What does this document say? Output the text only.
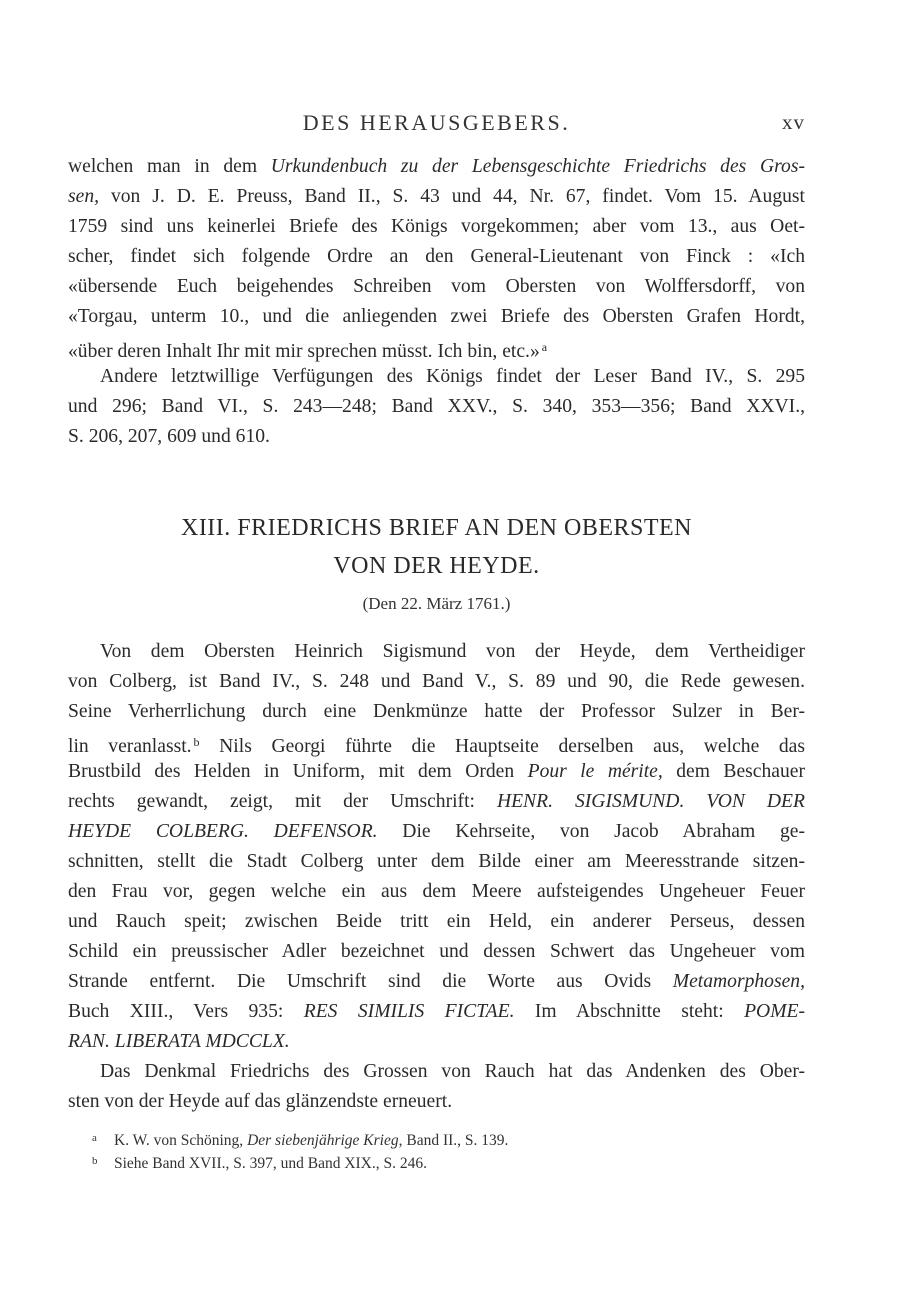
DES HERAUSGEBERS.	xv
welchen man in dem Urkundenbuch zu der Lebensgeschichte Friedrichs des Gros-
sen, von J. D. E. Preuss, Band II., S. 43 und 44, Nr. 67, findet. Vom 15. August
1759 sind uns keinerlei Briefe des Königs vorgekommen; aber vom 13., aus Oet-
scher, findet sich folgende Ordre an den General-Lieutenant von Finck : «Ich
«übersende Euch beigehendes Schreiben vom Obersten von Wolffersdorff, von
«Torgau, unterm 10., und die anliegenden zwei Briefe des Obersten Grafen Hordt,
«über deren Inhalt Ihr mit mir sprechen müsst. Ich bin, etc.» $^a$
Andere letztwillige Verfügungen des Königs findet der Leser Band IV., S. 295
und 296; Band VI., S. 243—248; Band XXV., S. 340, 353—356; Band XXVI.,
S. 206, 207, 609 und 610.
XIII. FRIEDRICHS BRIEF AN DEN OBERSTEN
VON DER HEYDE.
(Den 22. März 1761.)
Von dem Obersten Heinrich Sigismund von der Heyde, dem Vertheidiger
von Colberg, ist Band IV., S. 248 und Band V., S. 89 und 90, die Rede gewesen.
Seine Verherrlichung durch eine Denkmünze hatte der Professor Sulzer in Ber-
lin veranlasst. $^b$ Nils Georgi führte die Hauptseite derselben aus, welche das
Brustbild des Helden in Uniform, mit dem Orden Pour le mérite, dem Beschauer
rechts gewandt, zeigt, mit der Umschrift: HENR. SIGISMUND. VON DER
HEYDE COLBERG. DEFENSOR. Die Kehrseite, von Jacob Abraham ge-
schnitten, stellt die Stadt Colberg unter dem Bilde einer am Meeresstrande sitzen-
den Frau vor, gegen welche ein aus dem Meere aufsteigendes Ungeheuer Feuer
und Rauch speit; zwischen Beide tritt ein Held, ein anderer Perseus, dessen
Schild ein preussischer Adler bezeichnet und dessen Schwert das Ungeheuer vom
Strande entfernt. Die Umschrift sind die Worte aus Ovids Metamorphosen,
Buch XIII., Vers 935: RES SIMILIS FICTAE. Im Abschnitte steht: POME-
RAN. LIBERATA MDCCLX.
Das Denkmal Friedrichs des Grossen von Rauch hat das Andenken des Ober-
sten von der Heyde auf das glänzendste erneuert.
a K. W. von Schöning, Der siebenjährige Krieg, Band II., S. 139.
b Siehe Band XVII., S. 397, und Band XIX., S. 246.
